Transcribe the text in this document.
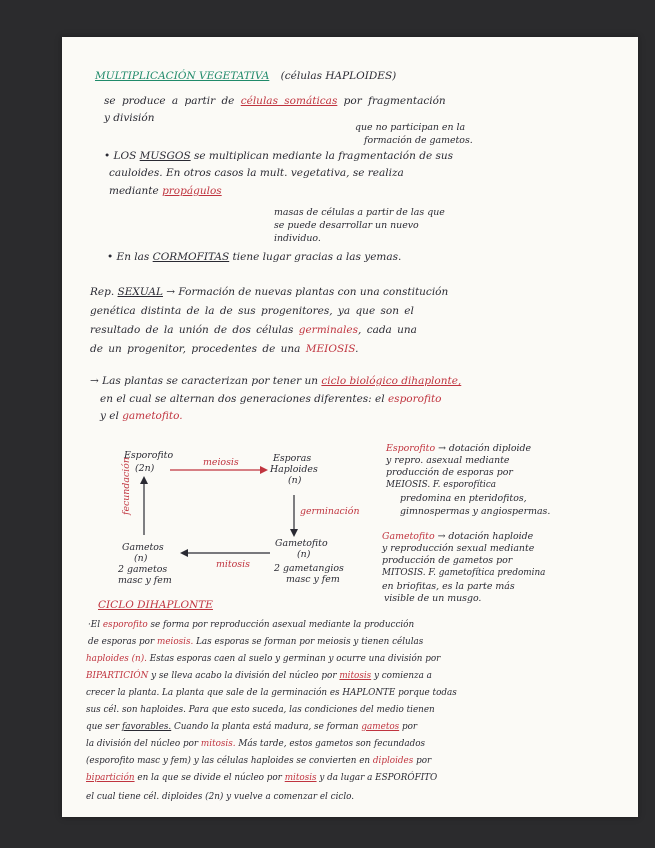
MULTIPLICACIÓN VEGETATIVA (células HAPLOIDES)
se produce a partir de células somáticas por fragmentación
y división
que no participan en la
formación de gametos.
• LOS MUSGOS se multiplican mediante la fragmentación de sus
cauloides. En otros casos la mult. vegetativa, se realiza
mediante propágulos
masas de células a partir de las que
se puede desarrollar un nuevo
individuo.
• En las CORMOFITAS tiene lugar gracias a las yemas.
Rep. SEXUAL → Formación de nuevas plantas con una constitución
genética distinta de la de sus progenitores, ya que son el
resultado de la unión de dos células germinales, cada una
de un progenitor, procedentes de una MEIOSIS.
→ Las plantas se caracterizan por tener un ciclo biológico dihaplonte,
en el cual se alternan dos generaciones diferentes: el esporofito
y el gametofito.
Esporofito
(2n)
meiosis	Esporas
Haploides
(n)
germinación
fecundación
Gametofito
(n)
mitosis
Gametos
(n)
2 gametos
masc y fem
2 gametangios
masc y fem
Esporofito → dotación diploide
y repro. asexual mediante
producción de esporas por
MEIOSIS. F. esporofítica
predomina en pteridofitos,
gimnospermas y angiospermas.
Gametofito → dotación haploide
y reproducción sexual mediante
producción de gametos por
MITOSIS. F. gametofítica predomina
en briofitas, es la parte más
visible de un musgo.
CICLO DIHAPLONTE
·El esporofito se forma por reproducción asexual mediante la producción
de esporas por meiosis. Las esporas se forman por meiosis y tienen células
haploides (n). Estas esporas caen al suelo y germinan y ocurre una división por
BIPARTICIÓN y se lleva acabo la división del núcleo por mitosis y comienza a
crecer la planta. La planta que sale de la germinación es HAPLONTE porque todas
sus cél. son haploides. Para que esto suceda, las condiciones del medio tienen
que ser favorables. Cuando la planta está madura, se forman gametos por
la división del núcleo por mitosis. Más tarde, estos gametos son fecundados
(esporofito masc y fem) y las células haploides se convierten en diploides por
bipartición en la que se divide el núcleo por mitosis y da lugar a ESPORÓFITO
el cual tiene cél. diploides (2n) y vuelve a comenzar el ciclo.
